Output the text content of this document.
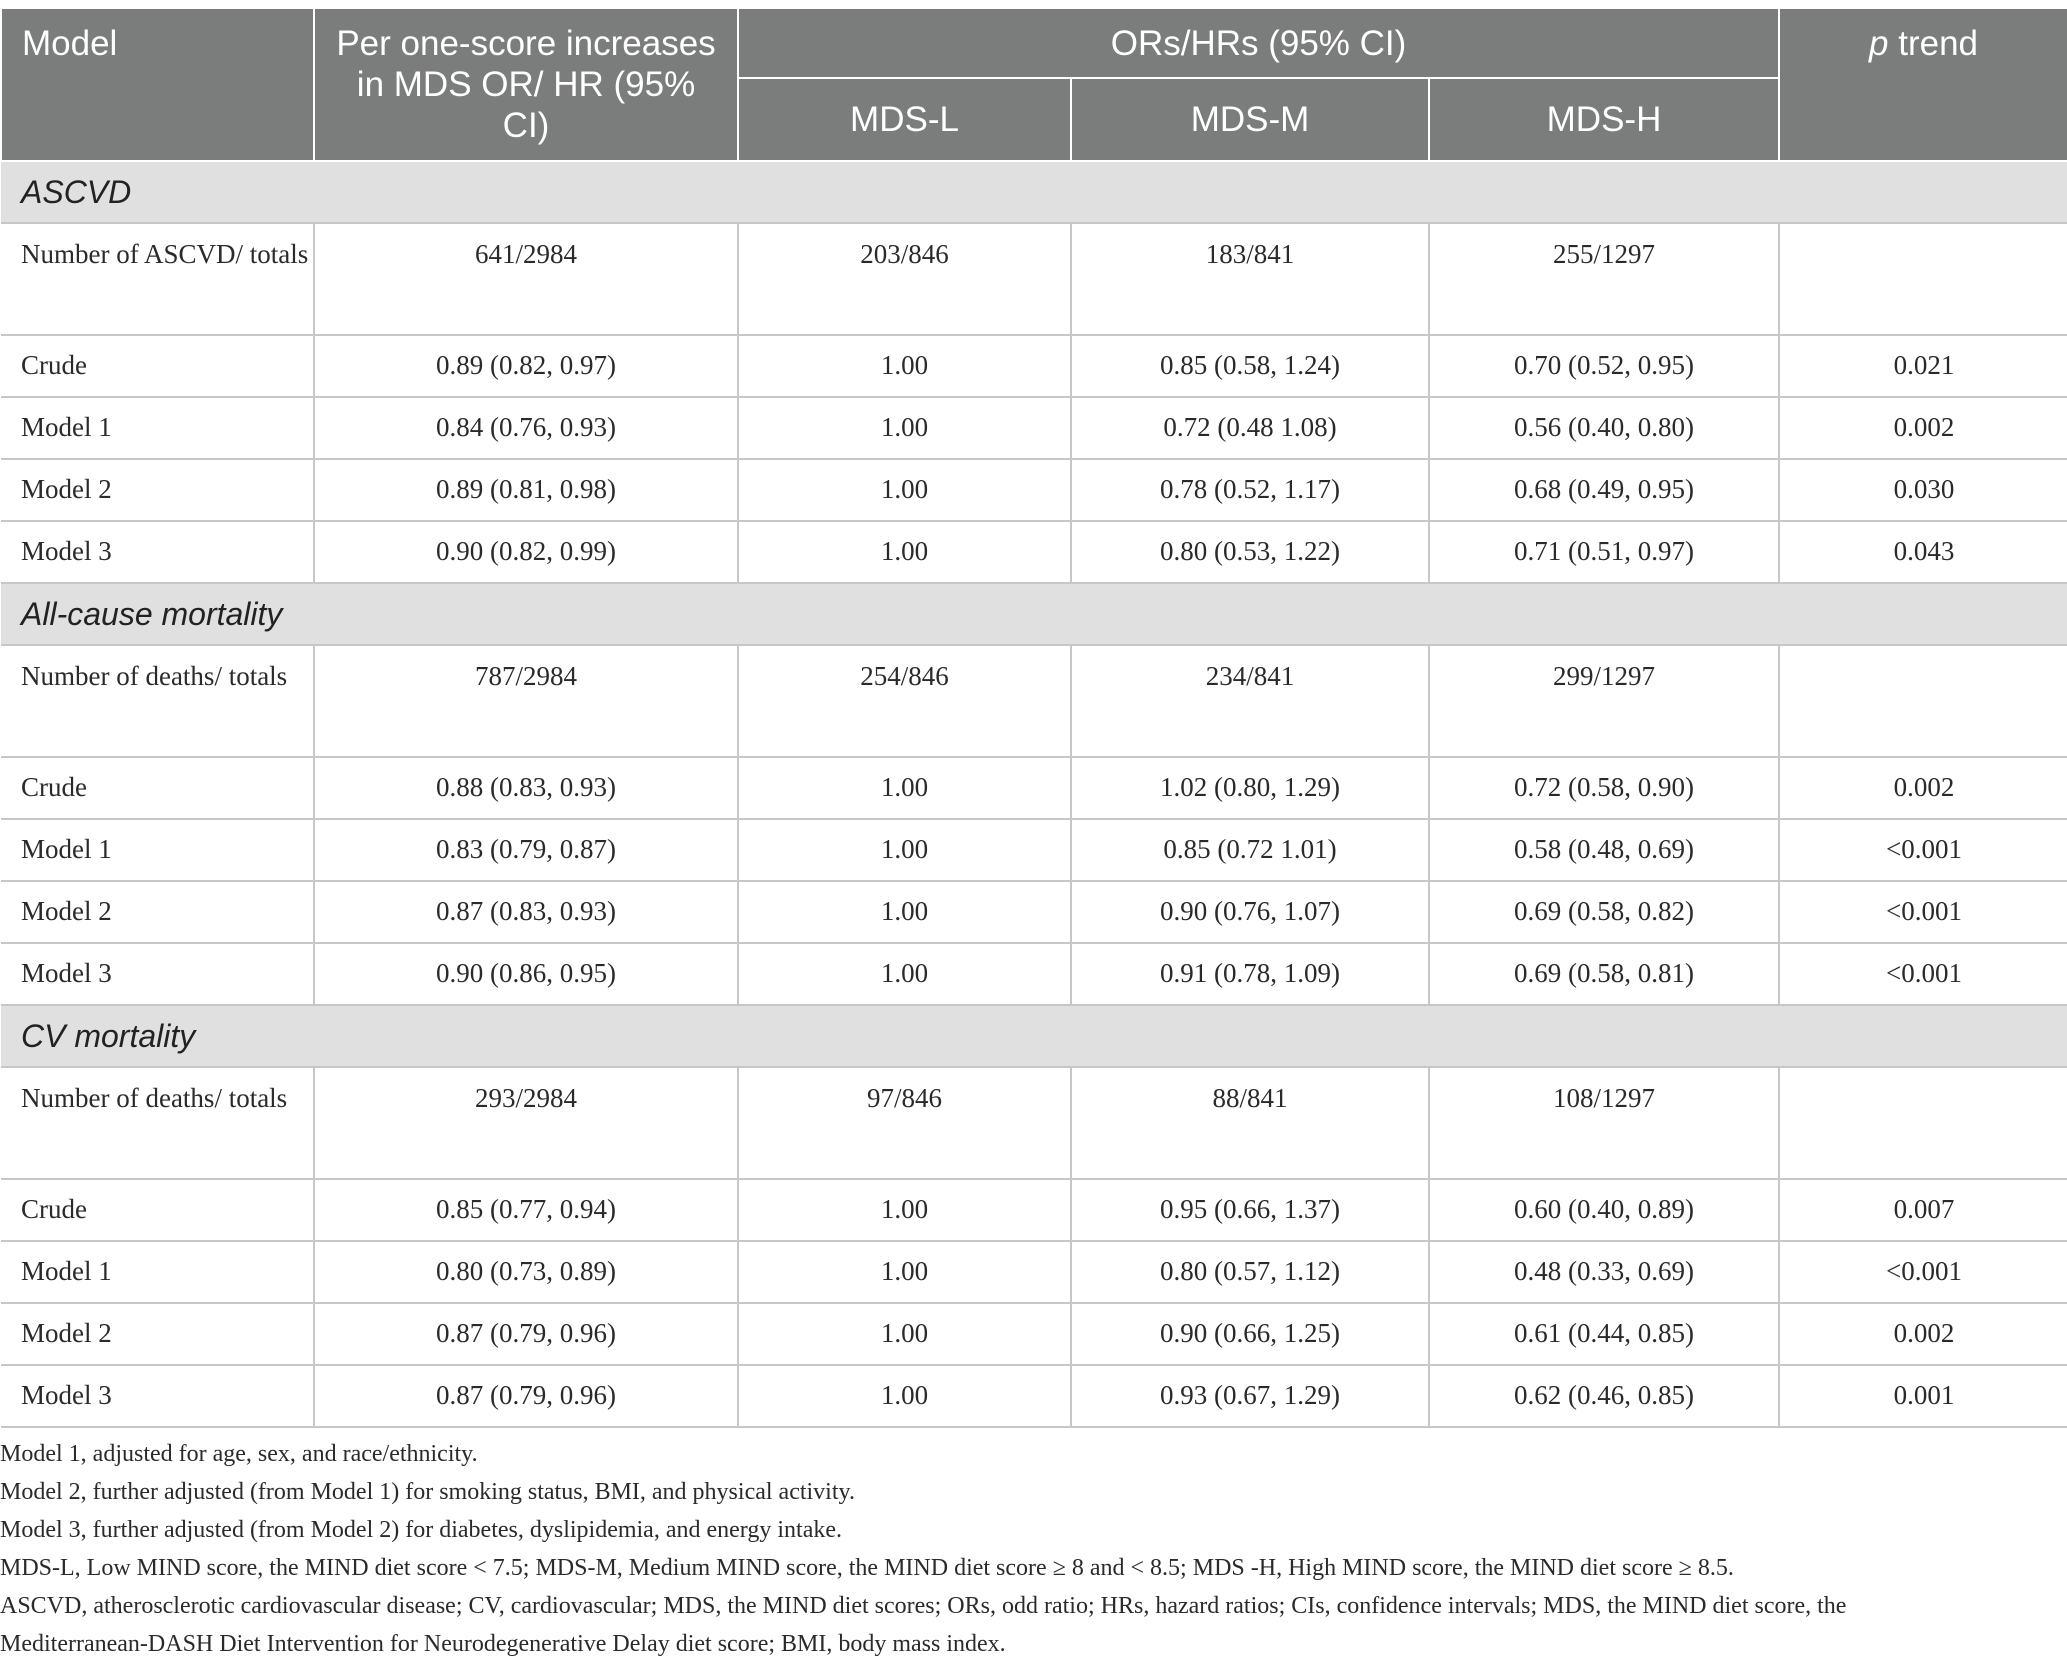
Model	Per one-score increases in MDS OR/ HR (95% CI)	ORs/HRs (95% CI)			p trend
		MDS-L	MDS-M	MDS-H	
ASCVD					
Number of ASCVD/ totals	641/2984	203/846	183/841	255/1297	
Crude	0.89 (0.82, 0.97)	1.00	0.85 (0.58, 1.24)	0.70 (0.52, 0.95)	0.021
Model 1	0.84 (0.76, 0.93)	1.00	0.72 (0.48 1.08)	0.56 (0.40, 0.80)	0.002
Model 2	0.89 (0.81, 0.98)	1.00	0.78 (0.52, 1.17)	0.68 (0.49, 0.95)	0.030
Model 3	0.90 (0.82, 0.99)	1.00	0.80 (0.53, 1.22)	0.71 (0.51, 0.97)	0.043
All-cause mortality					
Number of deaths/ totals	787/2984	254/846	234/841	299/1297	
Crude	0.88 (0.83, 0.93)	1.00	1.02 (0.80, 1.29)	0.72 (0.58, 0.90)	0.002
Model 1	0.83 (0.79, 0.87)	1.00	0.85 (0.72 1.01)	0.58 (0.48, 0.69)	<0.001
Model 2	0.87 (0.83, 0.93)	1.00	0.90 (0.76, 1.07)	0.69 (0.58, 0.82)	<0.001
Model 3	0.90 (0.86, 0.95)	1.00	0.91 (0.78, 1.09)	0.69 (0.58, 0.81)	<0.001
CV mortality					
Number of deaths/ totals	293/2984	97/846	88/841	108/1297	
Crude	0.85 (0.77, 0.94)	1.00	0.95 (0.66, 1.37)	0.60 (0.40, 0.89)	0.007
Model 1	0.80 (0.73, 0.89)	1.00	0.80 (0.57, 1.12)	0.48 (0.33, 0.69)	<0.001
Model 2	0.87 (0.79, 0.96)	1.00	0.90 (0.66, 1.25)	0.61 (0.44, 0.85)	0.002
Model 3	0.87 (0.79, 0.96)	1.00	0.93 (0.67, 1.29)	0.62 (0.46, 0.85)	0.001
Model 1, adjusted for age, sex, and race/ethnicity.
Model 2, further adjusted (from Model 1) for smoking status, BMI, and physical activity.
Model 3, further adjusted (from Model 2) for diabetes, dyslipidemia, and energy intake.
MDS-L, Low MIND score, the MIND diet score < 7.5; MDS-M, Medium MIND score, the MIND diet score ≥ 8 and < 8.5; MDS -H, High MIND score, the MIND diet score ≥ 8.5.
ASCVD, atherosclerotic cardiovascular disease; CV, cardiovascular; MDS, the MIND diet scores; ORs, odd ratio; HRs, hazard ratios; CIs, confidence intervals; MDS, the MIND diet score, the
Mediterranean-DASH Diet Intervention for Neurodegenerative Delay diet score; BMI, body mass index.
